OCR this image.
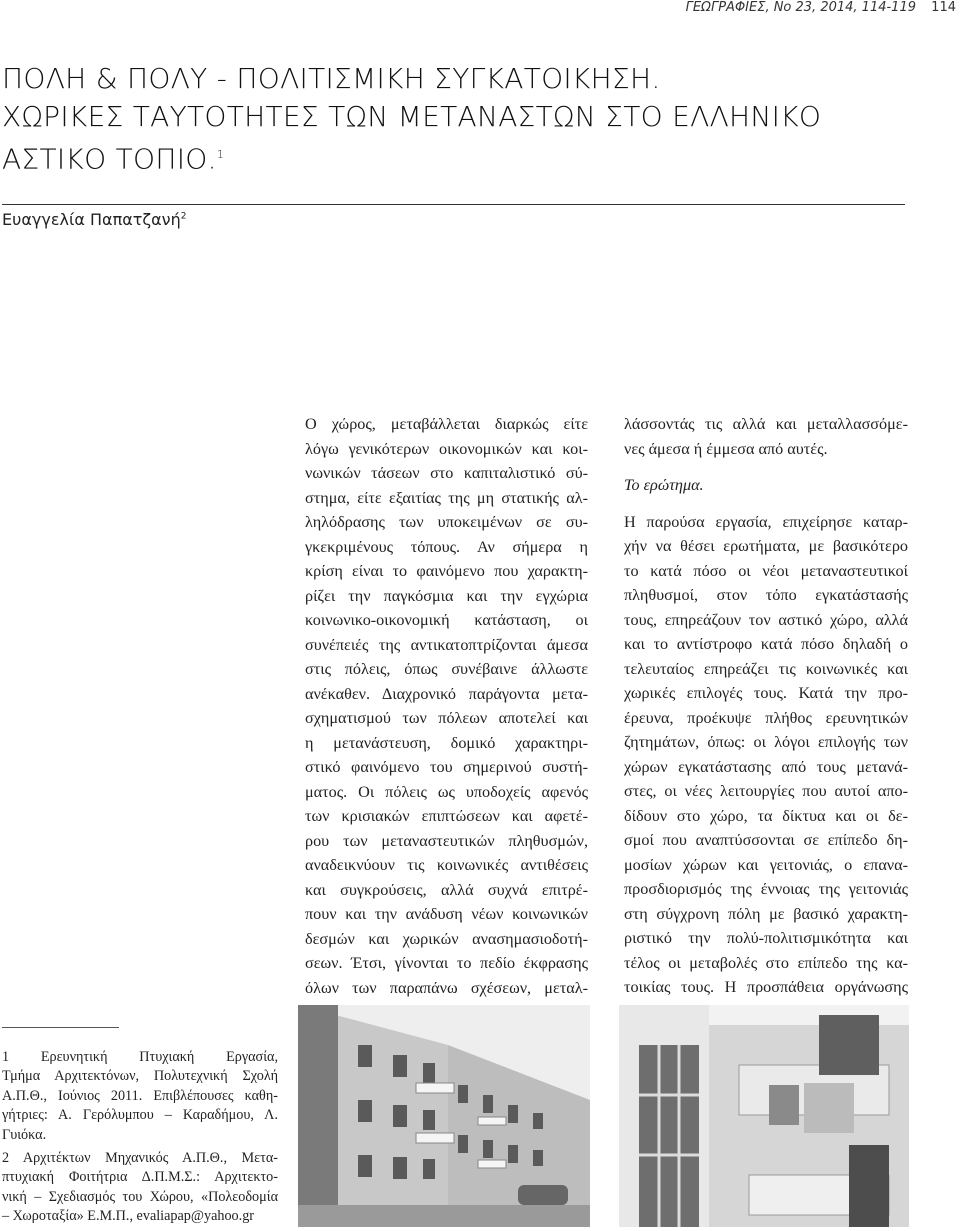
ΓΕΩΓΡΑΦΙΕΣ, Νο 23, 2014, 114-119 114
ΠΟΛΗ & ΠΟΛΥ - ΠΟΛΙΤΙΣΜΙΚΗ ΣΥΓΚΑΤΟΙΚΗΣΗ.
ΧΩΡΙΚΕΣ ΤΑΥΤΟΤΗΤΕΣ ΤΩΝ ΜΕΤΑΝΑΣΤΩΝ ΣΤΟ ΕΛΛΗΝΙΚΟ
ΑΣΤΙΚΟ ΤΟΠΙΟ.$^1$
Ευαγγελία Παπατζανή$^2$

Ο χώρος, μεταβάλλεται διαρκώς είτε
λόγω γενικότερων οικονομικών και κοι-
νωνικών τάσεων στο καπιταλιστικό σύ-
στημα, είτε εξαιτίας της μη στατικής αλ-
ληλόδρασης των υποκειμένων σε συ-
γκεκριμένους τόπους. Αν σήμερα η
κρίση είναι το φαινόμενο που χαρακτη-
ρίζει την παγκόσμια και την εγχώρια
κοινωνικο-οικονομική κατάσταση, οι
συνέπειές της αντικατοπτρίζονται άμεσα
στις πόλεις, όπως συνέβαινε άλλωστε
ανέκαθεν. Διαχρονικό παράγοντα μετα-
σχηματισμού των πόλεων αποτελεί και
η μετανάστευση, δομικό χαρακτηρι-
στικό φαινόμενο του σημερινού συστή-
ματος. Οι πόλεις ως υποδοχείς αφενός
των κρισιακών επιπτώσεων και αφετέ-
ρου των μεταναστευτικών πληθυσμών,
αναδεικνύουν τις κοινωνικές αντιθέσεις
και συγκρούσεις, αλλά συχνά επιτρέ-
πουν και την ανάδυση νέων κοινωνικών
δεσμών και χωρικών ανασημασιοδοτή-
σεων. Έτσι, γίνονται το πεδίο έκφρασης
όλων των παραπάνω σχέσεων, μεταλ-

λάσσοντάς τις αλλά και μεταλλασσόμε-
νες άμεσα ή έμμεσα από αυτές.

Το ερώτημα.

Η παρούσα εργασία, επιχείρησε καταρ-
χήν να θέσει ερωτήματα, με βασικότερο
το κατά πόσο οι νέοι μεταναστευτικοί
πληθυσμοί, στον τόπο εγκατάστασής
τους, επηρεάζουν τον αστικό χώρο, αλλά
και το αντίστροφο κατά πόσο δηλαδή ο
τελευταίος επηρεάζει τις κοινωνικές και
χωρικές επιλογές τους. Κατά την προ-
έρευνα, προέκυψε πλήθος ερευνητικών
ζητημάτων, όπως: οι λόγοι επιλογής των
χώρων εγκατάστασης από τους μετανά-
στες, οι νέες λειτουργίες που αυτοί απο-
δίδουν στο χώρο, τα δίκτυα και οι δε-
σμοί που αναπτύσσονται σε επίπεδο δη-
μοσίων χώρων και γειτονιάς, ο επανα-
προσδιορισμός της έννοιας της γειτονιάς
στη σύγχρονη πόλη με βασικό χαρακτη-
ριστικό την πολύ-πολιτισμικότητα και
τέλος οι μεταβολές στο επίπεδο της κα-
τοικίας τους. Η προσπάθεια οργάνωσης

1 Ερευνητική Πτυχιακή Εργασία,
Τμήμα Αρχιτεκτόνων, Πολυτεχνική Σχολή
Α.Π.Θ., Ιούνιος 2011. Επιβλέπουσες καθη-
γήτριες: Α. Γερόλυμπου – Καραδήμου, Λ.
Γυιόκα.
2 Αρχιτέκτων Μηχανικός Α.Π.Θ., Μετα-
πτυχιακή Φοιτήτρια Δ.Π.Μ.Σ.: Αρχιτεκτο-
νική – Σχεδιασμός του Χώρου, «Πολεοδομία
– Χωροταξία» Ε.Μ.Π., evaliapap@yahoo.gr
